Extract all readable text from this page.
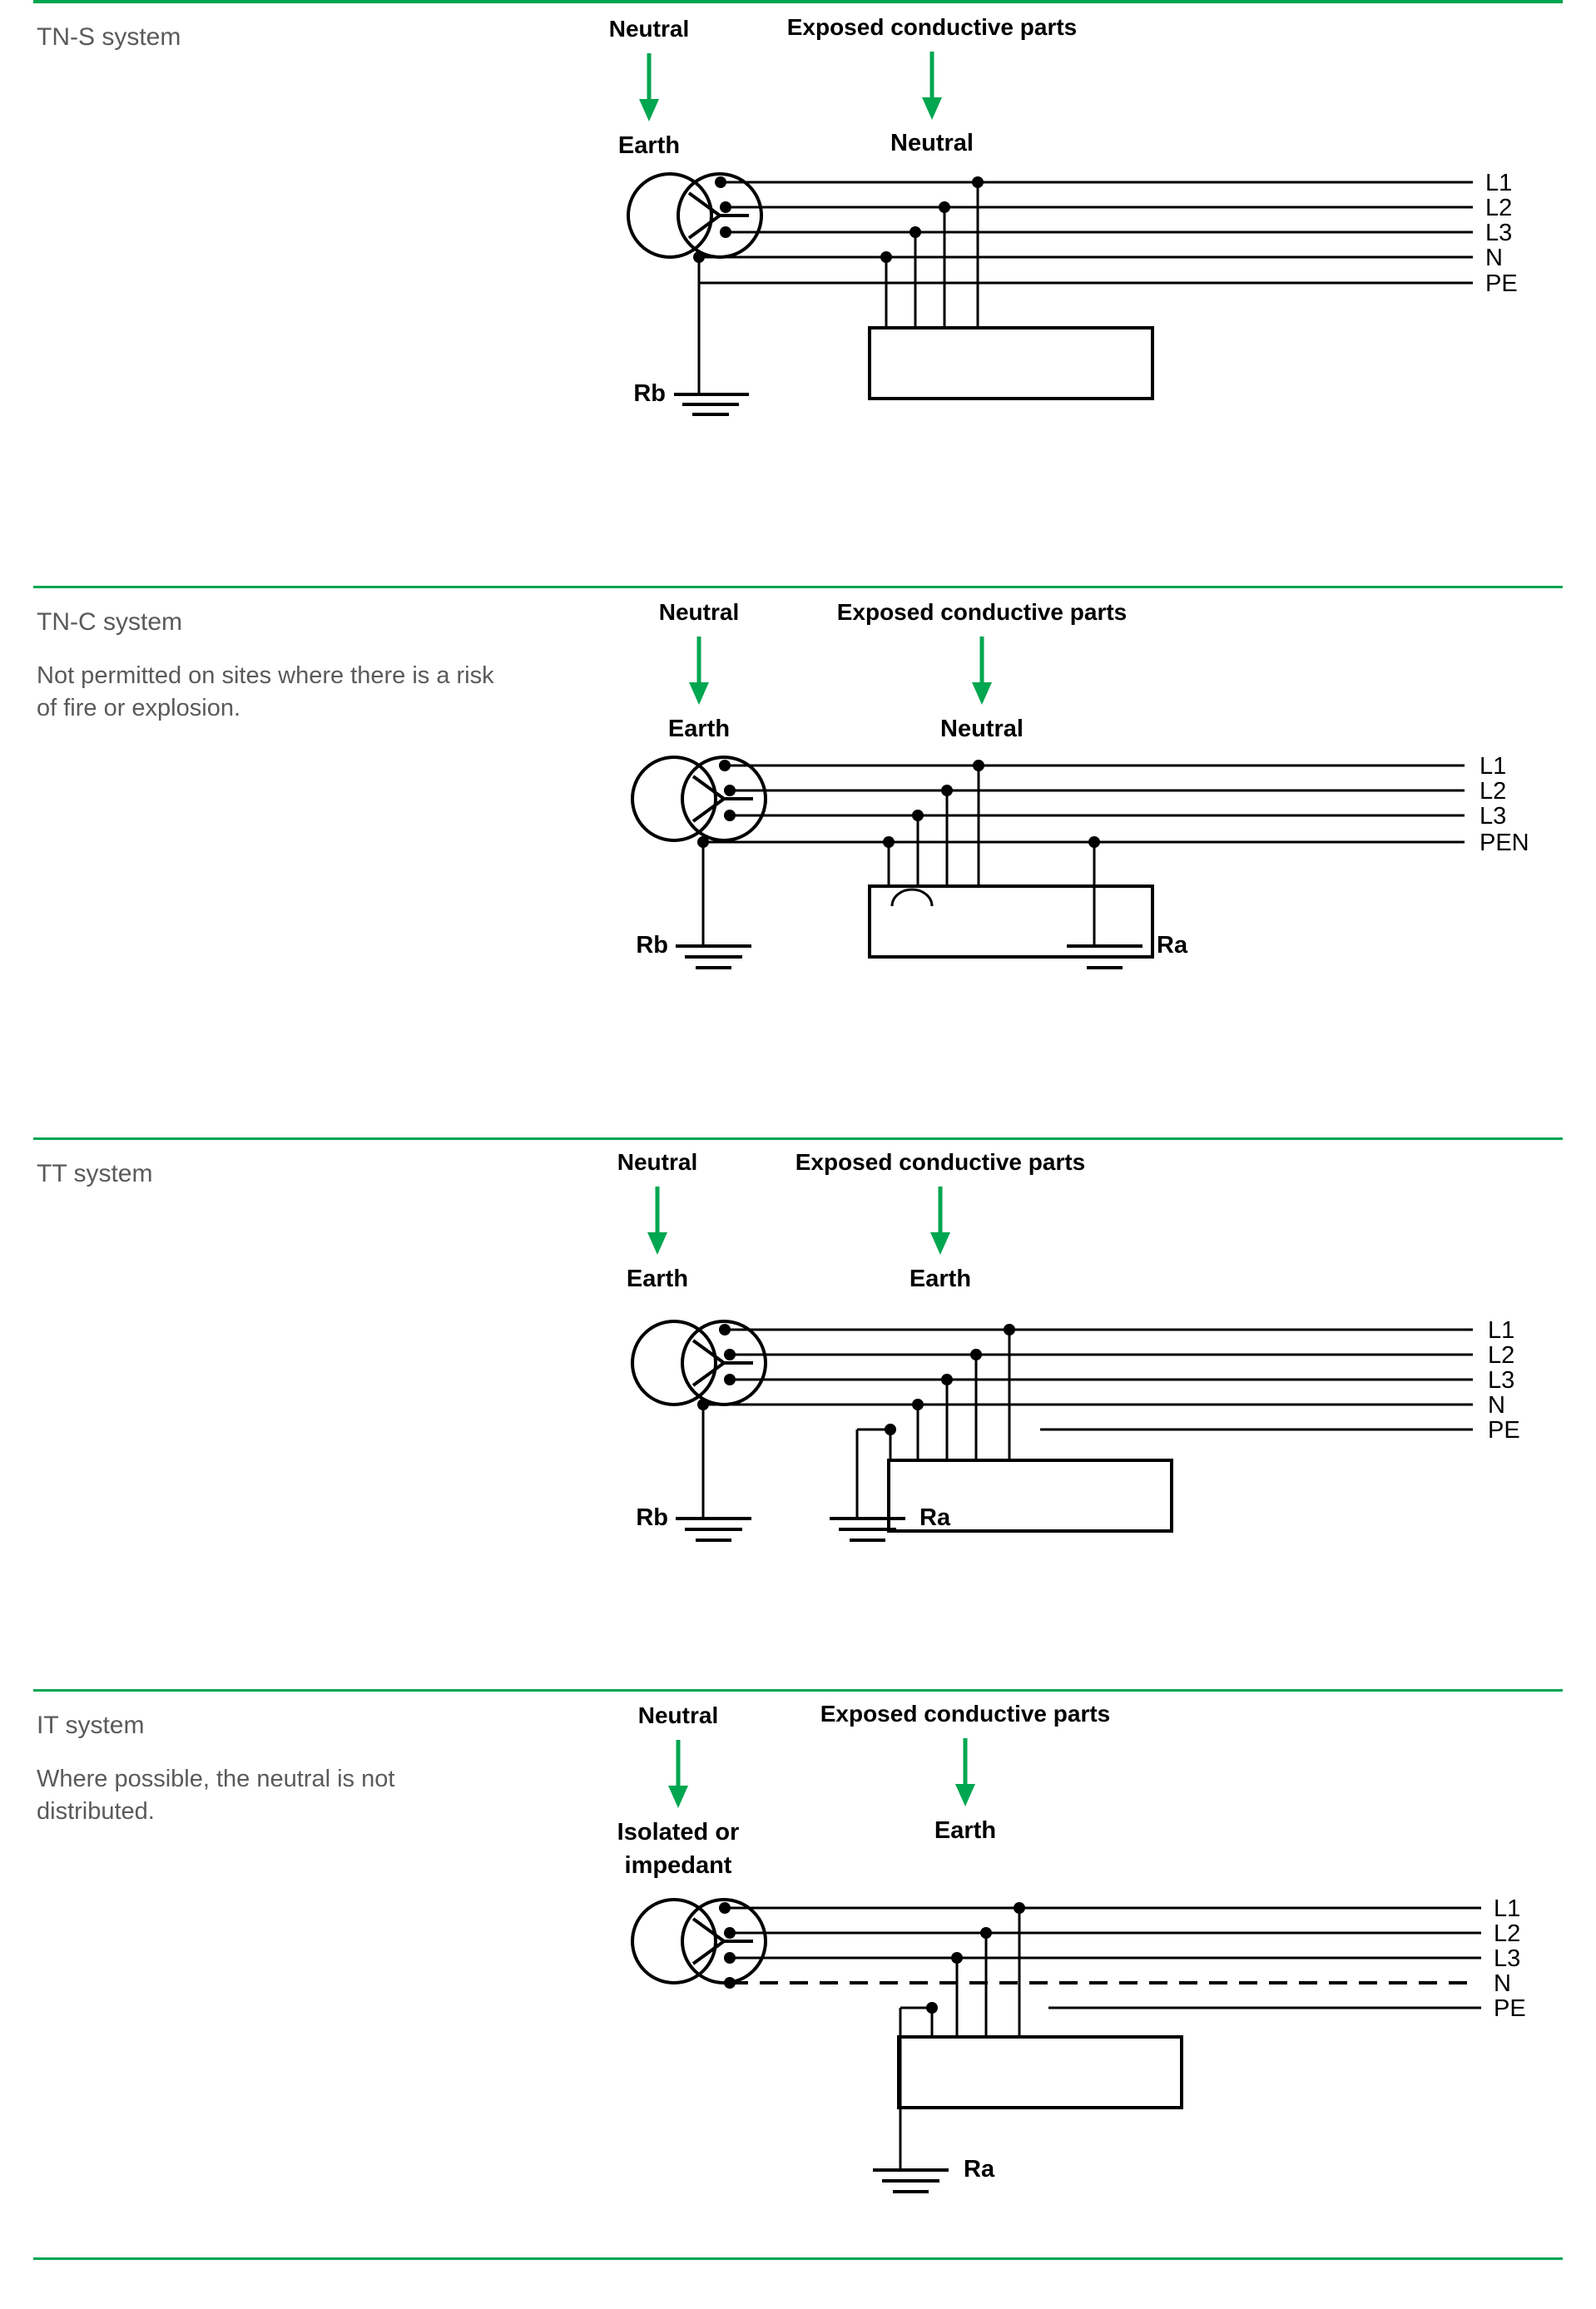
TN-S system	Neutral	Exposed conductive parts
Earth	Neutral
Rb
L1
L2
L3
N
PE

TN-C system

Not permitted on sites where there is a risk of fire or explosion.

Neutral	Exposed conductive parts
Earth	Neutral
Rb	Ra
L1
L2
L3
PEN

TT system	Neutral	Exposed conductive parts
Earth	Earth
Rb	Ra
L1
L2
L3
N
PE

IT system

Where possible, the neutral is not distributed.

Neutral	Exposed conductive parts
Isolated or
impedant
Earth
Ra
L1
L2
L3
N
PE
